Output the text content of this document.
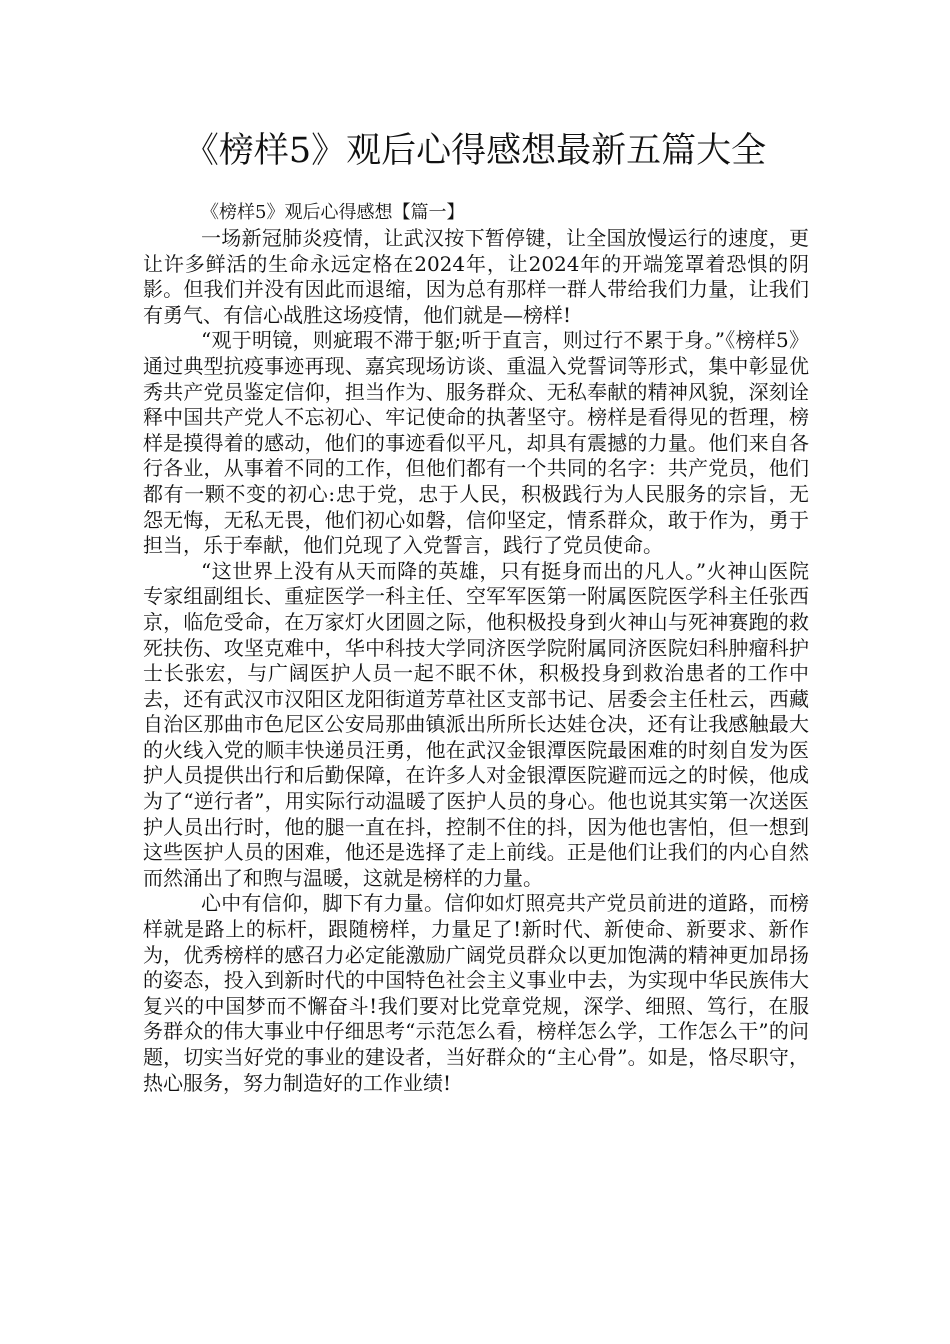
《榜样5》观后心得感想最新五篇大全

《榜样5》观后心得感想【篇一】

一场新冠肺炎疫情，让武汉按下暂停键，让全国放慢运行的速度，更让许多鲜活的生命永远定格在2024年，让2024年的开端笼罩着恐惧的阴影。但我们并没有因此而退缩，因为总有那样一群人带给我们力量，让我们有勇气、有信心战胜这场疫情，他们就是—榜样!

“观于明镜，则疵瑕不滞于躯;听于直言，则过行不累于身。”《榜样5》通过典型抗疫事迹再现、嘉宾现场访谈、重温入党誓词等形式，集中彰显优秀共产党员鉴定信仰，担当作为、服务群众、无私奉献的精神风貌，深刻诠释中国共产党人不忘初心、牢记使命的执著坚守。榜样是看得见的哲理，榜样是摸得着的感动，他们的事迹看似平凡，却具有震撼的力量。他们来自各行各业，从事着不同的工作，但他们都有一个共同的名字：共产党员，他们都有一颗不变的初心:忠于党，忠于人民，积极践行为人民服务的宗旨，无怨无悔，无私无畏，他们初心如磐，信仰坚定，情系群众，敢于作为，勇于担当，乐于奉献，他们兑现了入党誓言，践行了党员使命。

“这世界上没有从天而降的英雄，只有挺身而出的凡人。”火神山医院专家组副组长、重症医学一科主任、空军军医第一附属医院医学科主任张西京，临危受命，在万家灯火团圆之际，他积极投身到火神山与死神赛跑的救死扶伤、攻坚克难中，华中科技大学同济医学院附属同济医院妇科肿瘤科护士长张宏，与广阔医护人员一起不眠不休，积极投身到救治患者的工作中去，还有武汉市汉阳区龙阳街道芳草社区支部书记、居委会主任杜云，西藏自治区那曲市色尼区公安局那曲镇派出所所长达娃仓决，还有让我感触最大的火线入党的顺丰快递员汪勇，他在武汉金银潭医院最困难的时刻自发为医护人员提供出行和后勤保障，在许多人对金银潭医院避而远之的时候，他成为了“逆行者”，用实际行动温暖了医护人员的身心。他也说其实第一次送医护人员出行时，他的腿一直在抖，控制不住的抖，因为他也害怕，但一想到这些医护人员的困难，他还是选择了走上前线。正是他们让我们的内心自然而然涌出了和煦与温暖，这就是榜样的力量。

心中有信仰，脚下有力量。信仰如灯照亮共产党员前进的道路，而榜样就是路上的标杆，跟随榜样，力量足了!新时代、新使命、新要求、新作为，优秀榜样的感召力必定能激励广阔党员群众以更加饱满的精神更加昂扬的姿态，投入到新时代的中国特色社会主义事业中去，为实现中华民族伟大复兴的中国梦而不懈奋斗!我们要对比党章党规，深学、细照、笃行，在服务群众的伟大事业中仔细思考“示范怎么看，榜样怎么学，工作怎么干”的问题，切实当好党的事业的建设者，当好群众的“主心骨”。如是，恪尽职守，热心服务，努力制造好的工作业绩!
